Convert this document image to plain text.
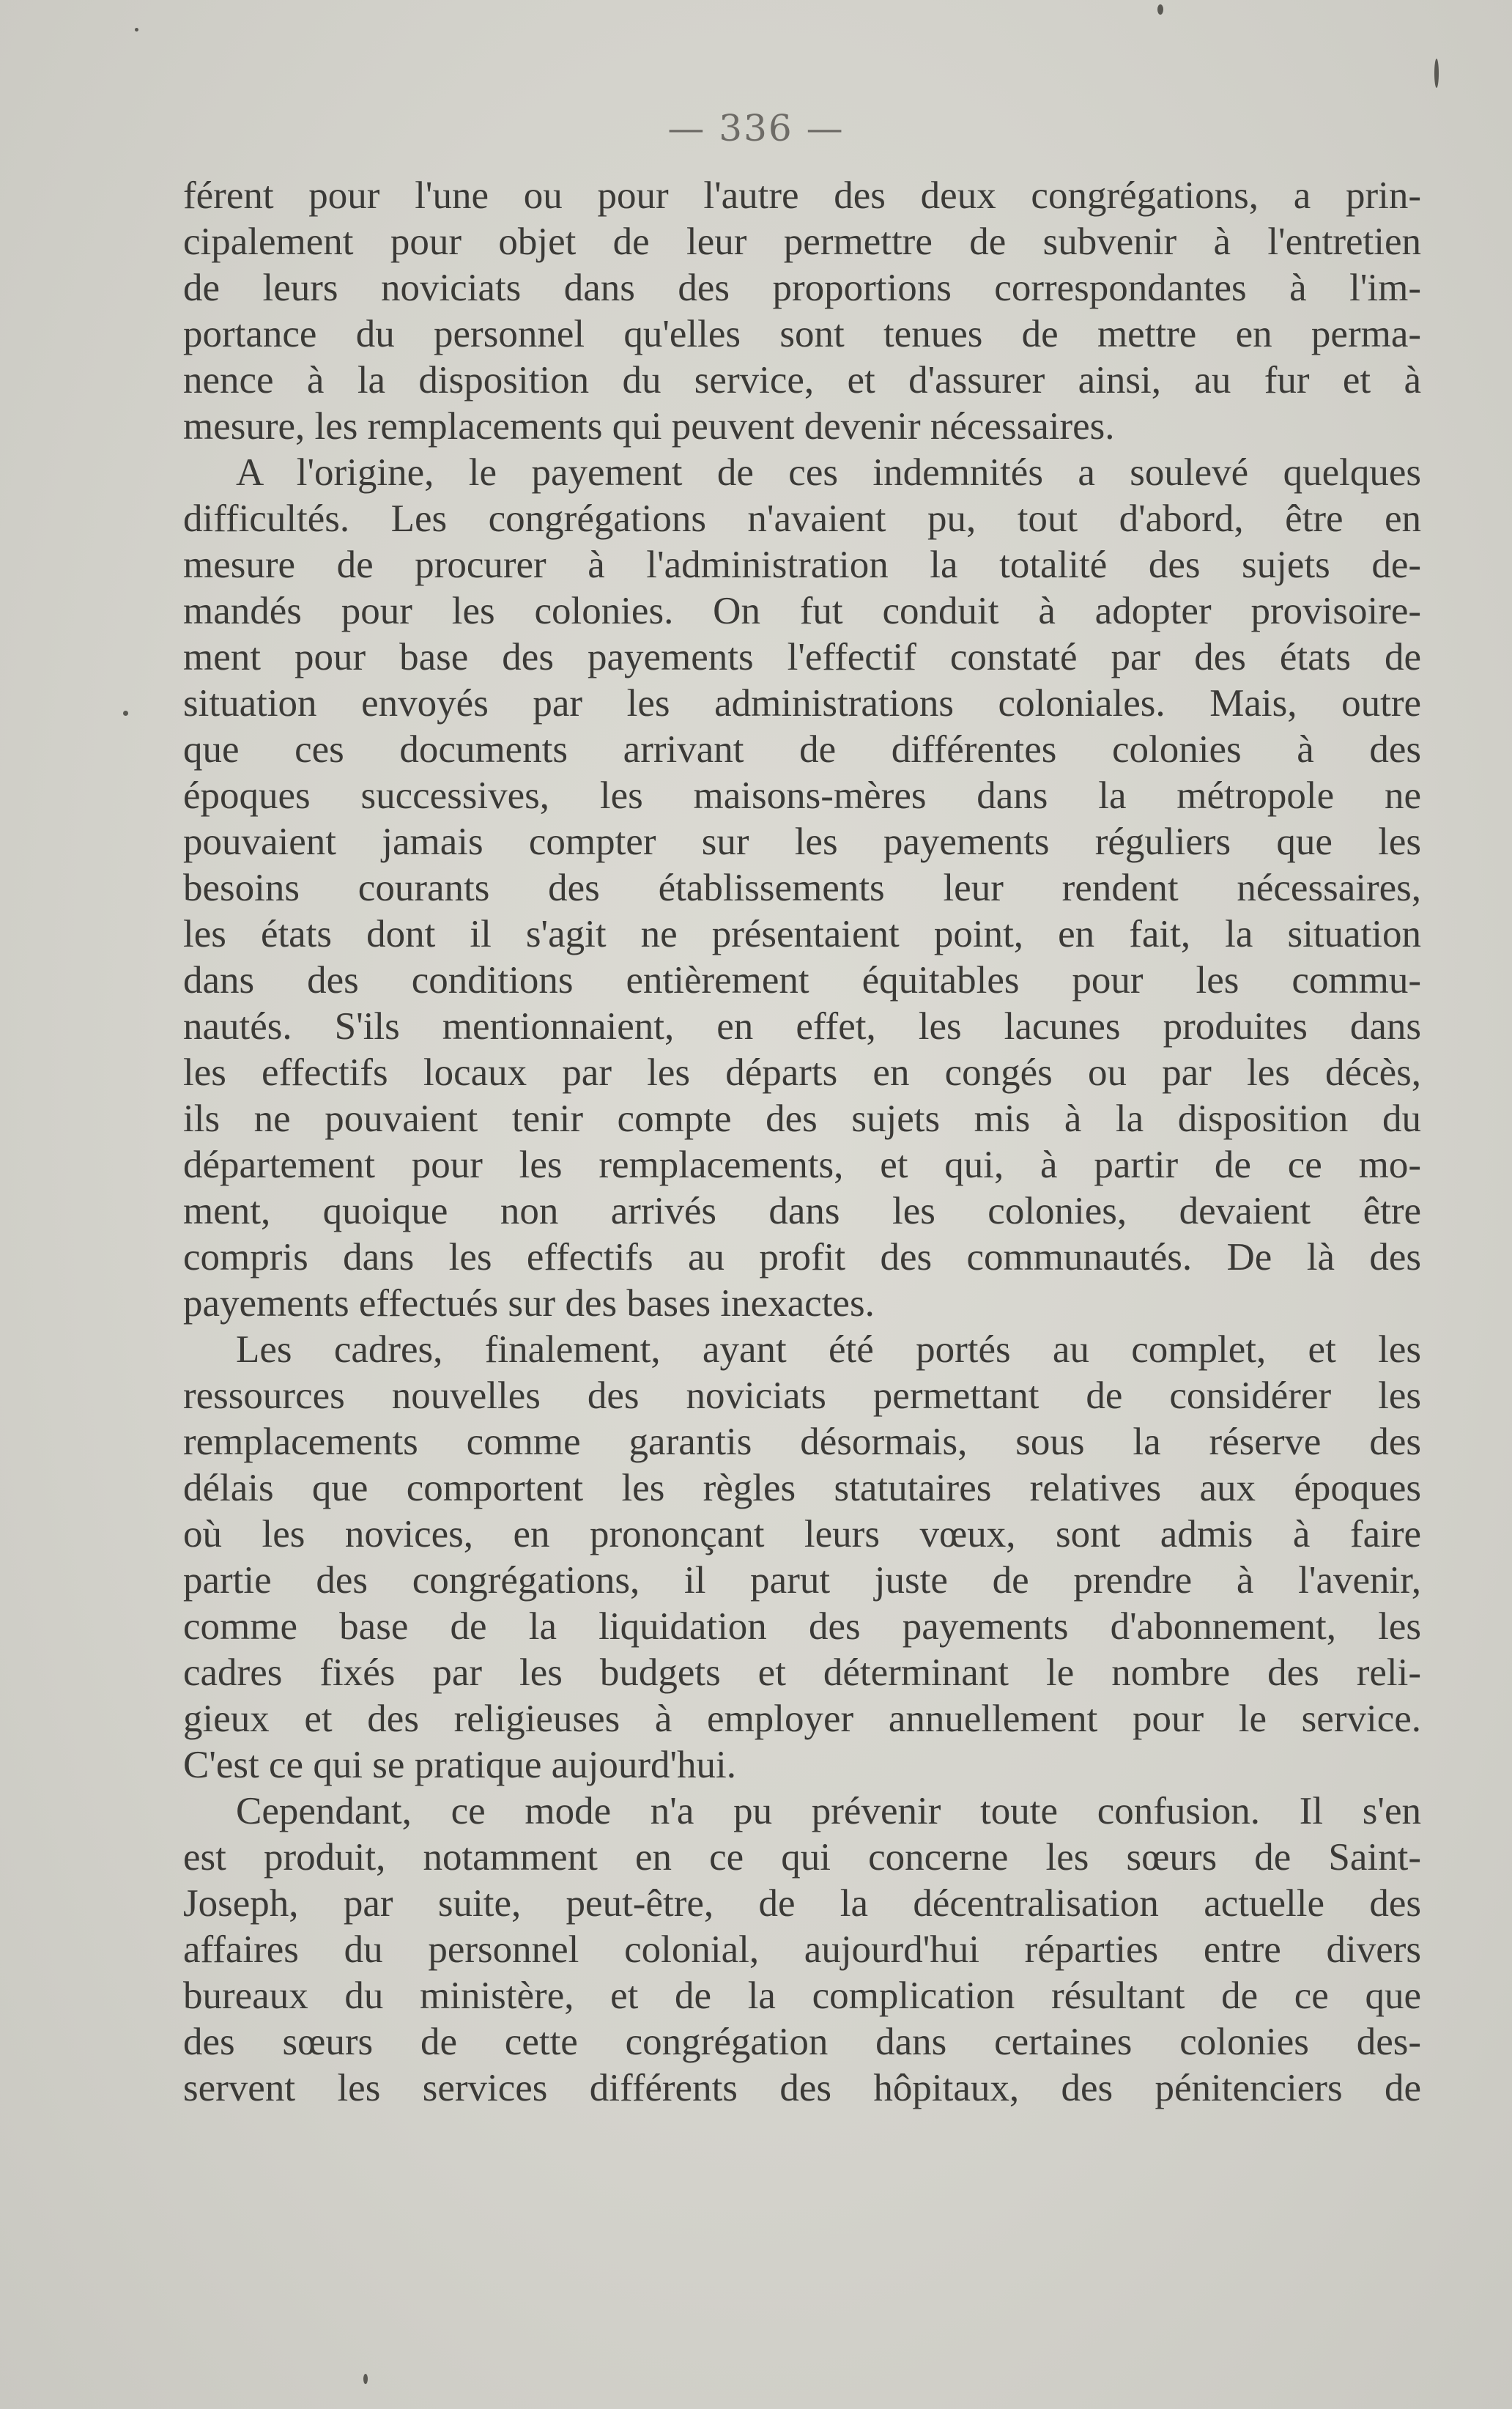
— 336 —
férent pour l'une ou pour l'autre des deux congrégations, a prin-
cipalement pour objet de leur permettre de subvenir à l'entretien
de leurs noviciats dans des proportions correspondantes à l'im-
portance du personnel qu'elles sont tenues de mettre en perma-
nence à la disposition du service, et d'assurer ainsi, au fur et à
mesure, les remplacements qui peuvent devenir nécessaires.
A l'origine, le payement de ces indemnités a soulevé quelques
difficultés. Les congrégations n'avaient pu, tout d'abord, être en
mesure de procurer à l'administration la totalité des sujets de-
mandés pour les colonies. On fut conduit à adopter provisoire-
ment pour base des payements l'effectif constaté par des états de
situation envoyés par les administrations coloniales. Mais, outre
que ces documents arrivant de différentes colonies à des
époques successives, les maisons-mères dans la métropole ne
pouvaient jamais compter sur les payements réguliers que les
besoins courants des établissements leur rendent nécessaires,
les états dont il s'agit ne présentaient point, en fait, la situation
dans des conditions entièrement équitables pour les commu-
nautés. S'ils mentionnaient, en effet, les lacunes produites dans
les effectifs locaux par les départs en congés ou par les décès,
ils ne pouvaient tenir compte des sujets mis à la disposition du
département pour les remplacements, et qui, à partir de ce mo-
ment, quoique non arrivés dans les colonies, devaient être
compris dans les effectifs au profit des communautés. De là des
payements effectués sur des bases inexactes.
Les cadres, finalement, ayant été portés au complet, et les
ressources nouvelles des noviciats permettant de considérer les
remplacements comme garantis désormais, sous la réserve des
délais que comportent les règles statutaires relatives aux époques
où les novices, en prononçant leurs vœux, sont admis à faire
partie des congrégations, il parut juste de prendre à l'avenir,
comme base de la liquidation des payements d'abonnement, les
cadres fixés par les budgets et déterminant le nombre des reli-
gieux et des religieuses à employer annuellement pour le service.
C'est ce qui se pratique aujourd'hui.
Cependant, ce mode n'a pu prévenir toute confusion. Il s'en
est produit, notamment en ce qui concerne les sœurs de Saint-
Joseph, par suite, peut-être, de la décentralisation actuelle des
affaires du personnel colonial, aujourd'hui réparties entre divers
bureaux du ministère, et de la complication résultant de ce que
des sœurs de cette congrégation dans certaines colonies des-
servent les services différents des hôpitaux, des pénitenciers de
